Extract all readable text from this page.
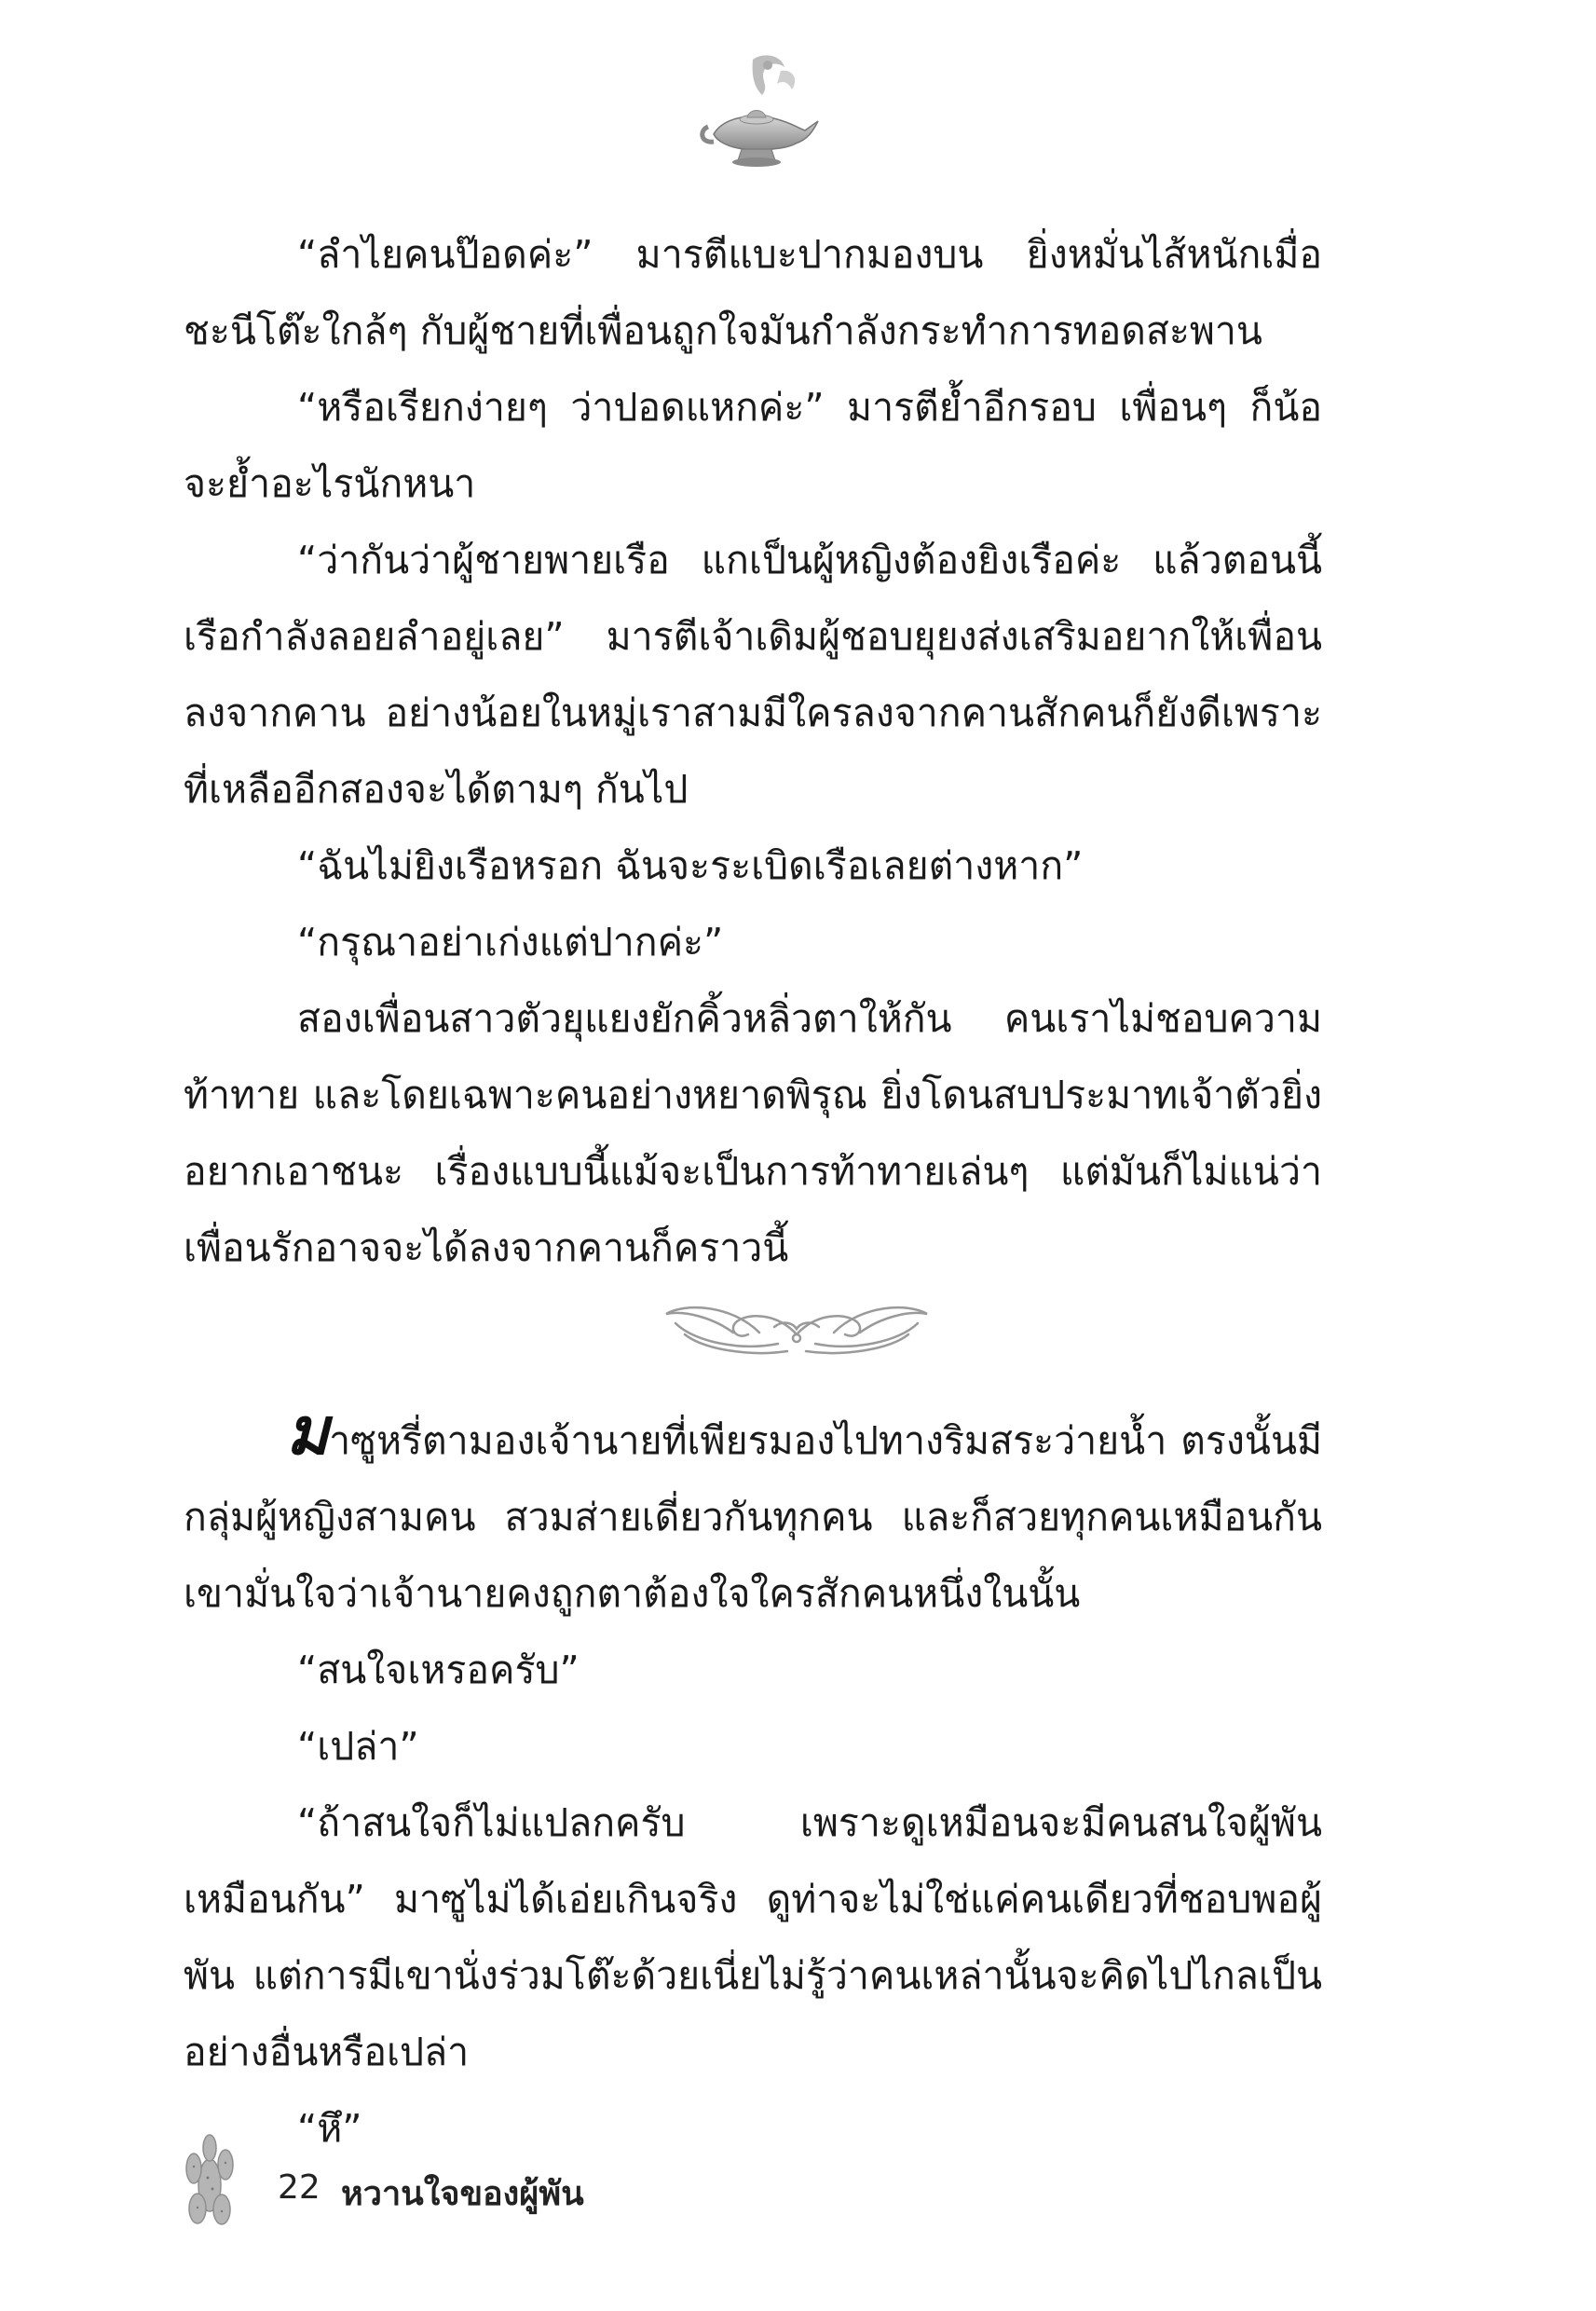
“ลำไยคนป๊อดค่ะ” มารตีแบะปากมองบน ยิ่งหมั่นไส้หนักเมื่อชะนีโต๊ะใกล้ๆ กับผู้ชายที่เพื่อนถูกใจมันกำลังกระทำการทอดสะพาน

“หรือเรียกง่ายๆ ว่าปอดแหกค่ะ” มารตีย้ำอีกรอบ เพื่อนๆ ก็น้อจะย้ำอะไรนักหนา

“ว่ากันว่าผู้ชายพายเรือ แกเป็นผู้หญิงต้องยิงเรือค่ะ แล้วตอนนี้เรือกำลังลอยลำอยู่เลย” มารตีเจ้าเดิมผู้ชอบยุยงส่งเสริมอยากให้เพื่อนลงจากคาน อย่างน้อยในหมู่เราสามมีใครลงจากคานสักคนก็ยังดีเพราะที่เหลืออีกสองจะได้ตามๆ กันไป

“ฉันไม่ยิงเรือหรอก ฉันจะระเบิดเรือเลยต่างหาก”

“กรุณาอย่าเก่งแต่ปากค่ะ”

สองเพื่อนสาวตัวยุแยงยักคิ้วหลิ่วตาให้กัน คนเราไม่ชอบความท้าทาย และโดยเฉพาะคนอย่างหยาดพิรุณ ยิ่งโดนสบประมาทเจ้าตัวยิ่งอยากเอาชนะ เรื่องแบบนี้แม้จะเป็นการท้าทายเล่นๆ แต่มันก็ไม่แน่ว่าเพื่อนรักอาจจะได้ลงจากคานก็คราวนี้

มาซูหรี่ตามองเจ้านายที่เพียรมองไปทางริมสระว่ายน้ำ ตรงนั้นมีกลุ่มผู้หญิงสามคน สวมส่ายเดี่ยวกันทุกคน และก็สวยทุกคนเหมือนกัน เขามั่นใจว่าเจ้านายคงถูกตาต้องใจใครสักคนหนึ่งในนั้น

“สนใจเหรอครับ”

“เปล่า”

“ถ้าสนใจก็ไม่แปลกครับ เพราะดูเหมือนจะมีคนสนใจผู้พันเหมือนกัน” มาซูไม่ได้เอ่ยเกินจริง ดูท่าจะไม่ใช่แค่คนเดียวที่ชอบพอผู้พัน แต่การมีเขานั่งร่วมโต๊ะด้วยเนี่ยไม่รู้ว่าคนเหล่านั้นจะคิดไปไกลเป็นอย่างอื่นหรือเปล่า

“หึ”

22 หวานใจของผู้พัน
